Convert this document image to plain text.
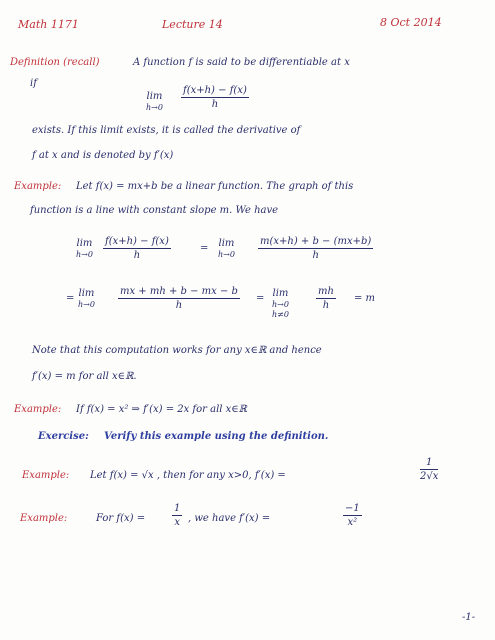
Math 1171	Lecture 14	8 Oct 2014
Definition (recall)	A function f is said to be differentiable at x
if
lim
h→0
f(x+h) − f(x)
h
exists. If this limit exists, it is called the derivative of
f at x and is denoted by f′(x)
Example: Let f(x) = mx+b be a linear function. The graph of this
function is a line with constant slope m. We have
lim
h→0
f(x+h) − f(x)
h
= lim
h→0
m(x+h) + b − (mx+b)
h
= lim
h→0
mx + mh + b − mx − b
h
= lim
h→0
h≠0
mh
h
= m
Note that this computation works for any x∈ℝ and hence
f′(x) = m for all x∈ℝ.
Example: If f(x) = x² ⇒ f′(x) = 2x for all x∈ℝ
Exercise: Verify this example using the definition.
Example: Let f(x) = √x , then for any x>0, f′(x) =
1
2√x
Example:	For f(x) =
1
x , we have f′(x) =
−1
x²
-1-
